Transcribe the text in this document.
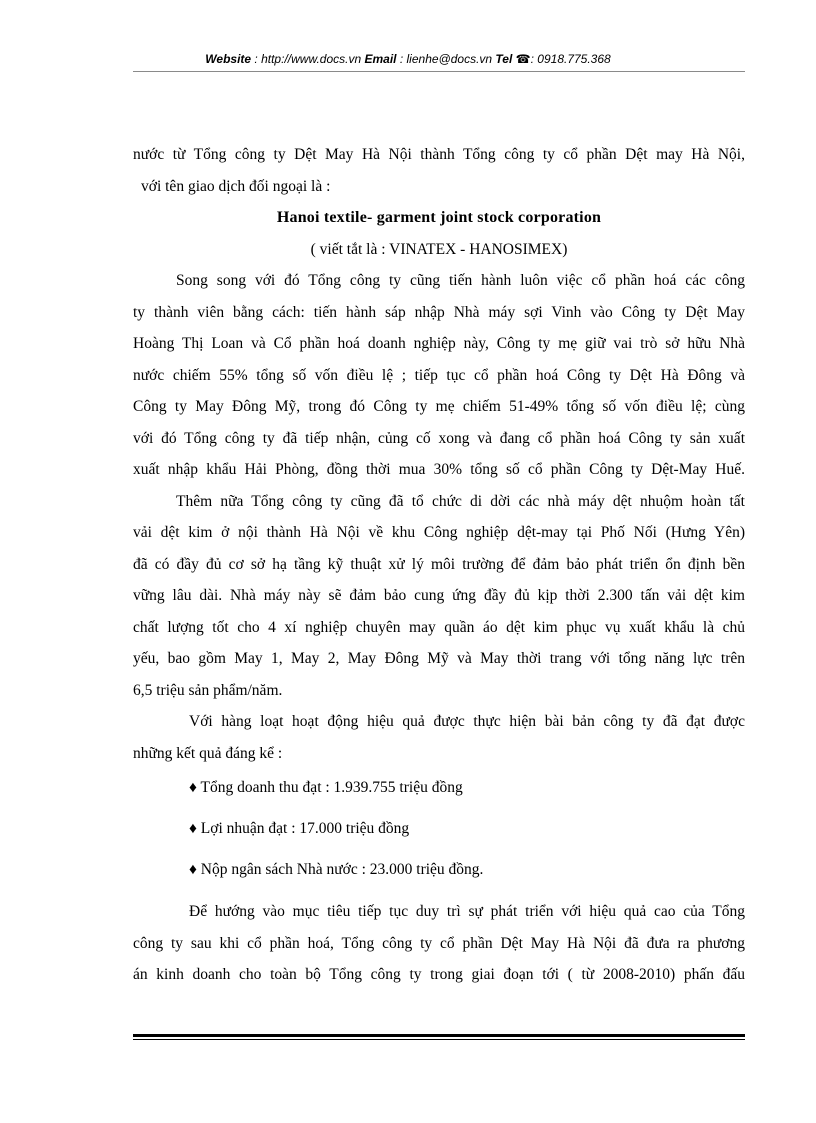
Website : http://www.docs.vn Email : lienhe@docs.vn Tel ☎: 0918.775.368
nước từ Tổng công ty Dệt May Hà Nội thành Tổng công ty cổ phần Dệt may Hà Nội,
với tên giao dịch đối ngoại là :
Hanoi textile- garment joint stock corporation
( viết tắt là : VINATEX - HANOSIMEX)
Song song với đó Tổng công ty cũng tiến hành luôn việc cổ phần hoá các công
ty thành viên bằng cách: tiến hành sáp nhập Nhà máy sợi Vinh vào Công ty Dệt May
Hoàng Thị Loan và Cổ phần hoá doanh nghiệp này, Công ty mẹ giữ vai trò sở hữu Nhà
nước chiếm 55% tổng số vốn điều lệ ; tiếp tục cổ phần hoá Công ty Dệt Hà Đông và
Công ty May Đông Mỹ, trong đó Công ty mẹ chiếm 51-49% tổng số vốn điều lệ; cùng
với đó Tổng công ty đã tiếp nhận, củng cố xong và đang cổ phần hoá Công ty sản xuất
xuất nhập khẩu Hải Phòng, đồng thời mua 30% tổng số cổ phần Công ty Dệt-May Huế.
Thêm nữa Tổng công ty cũng đã tổ chức di dời các nhà máy dệt nhuộm hoàn tất
vải dệt kim ở nội thành Hà Nội về khu Công nghiệp dệt-may tại Phố Nối (Hưng Yên)
đã có đầy đủ cơ sở hạ tầng kỹ thuật xử lý môi trường để đảm bảo phát triển ổn định bền
vững lâu dài. Nhà máy này sẽ đảm bảo cung ứng đầy đủ kịp thời 2.300 tấn vải dệt kim
chất lượng tốt cho 4 xí nghiệp chuyên may quần áo dệt kim phục vụ xuất khẩu là chủ
yếu, bao gồm May 1, May 2, May Đông Mỹ và May thời trang với tổng năng lực trên
6,5 triệu sản phẩm/năm.
Với hàng loạt hoạt động hiệu quả được thực hiện bài bản công ty đã đạt được
những kết quả đáng kể :
♦ Tổng doanh thu đạt : 1.939.755 triệu đồng
♦ Lợi nhuận đạt : 17.000 triệu đồng
♦ Nộp ngân sách Nhà nước : 23.000 triệu đồng.
Để hướng vào mục tiêu tiếp tục duy trì sự phát triển với hiệu quả cao của Tổng
công ty sau khi cổ phần hoá, Tổng công ty cổ phần Dệt May Hà Nội đã đưa ra phương
án kinh doanh cho toàn bộ Tổng công ty trong giai đoạn tới ( từ 2008-2010) phấn đấu
